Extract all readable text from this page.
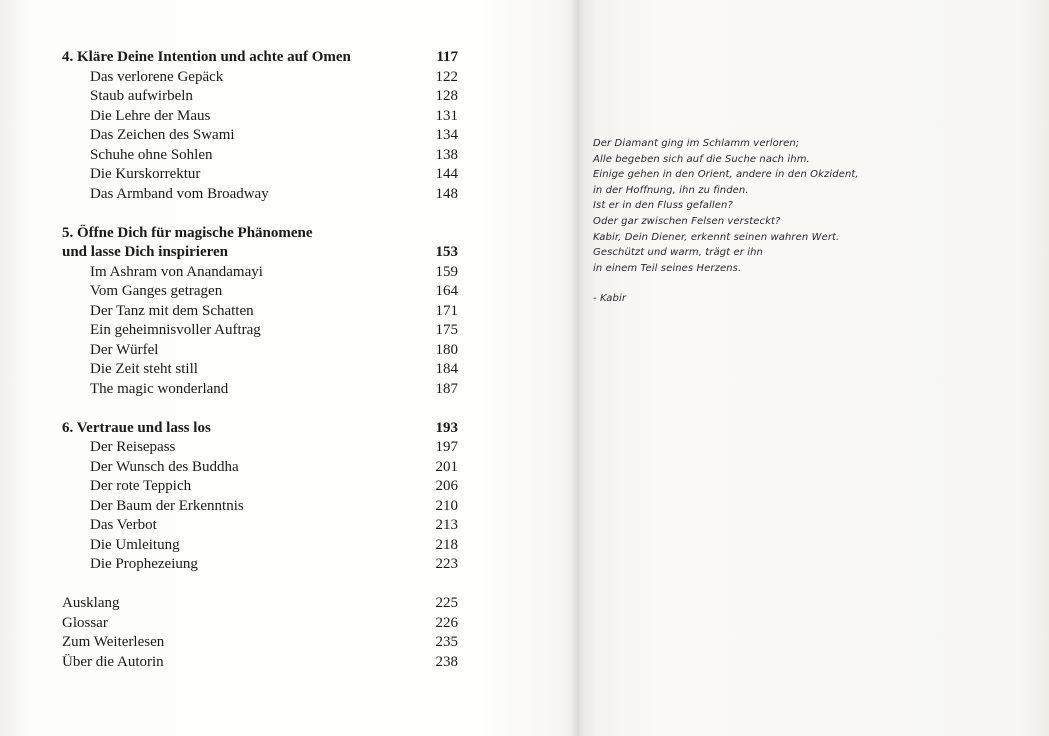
4. Kläre Deine Intention und achte auf Omen	117
Das verlorene Gepäck	122
Staub aufwirbeln	128
Die Lehre der Maus	131
Das Zeichen des Swami	134
Schuhe ohne Sohlen	138
Die Kurskorrektur	144
Das Armband vom Broadway	148
5. Öffne Dich für magische Phänomene
und lasse Dich inspirieren	153
Im Ashram von Anandamayi	159
Vom Ganges getragen	164
Der Tanz mit dem Schatten	171
Ein geheimnisvoller Auftrag	175
Der Würfel	180
Die Zeit steht still	184
The magic wonderland	187
6. Vertraue und lass los	193
Der Reisepass	197
Der Wunsch des Buddha	201
Der rote Teppich	206
Der Baum der Erkenntnis	210
Das Verbot	213
Die Umleitung	218
Die Prophezeiung	223
Ausklang	225
Glossar	226
Zum Weiterlesen	235
Über die Autorin	238
Der Diamant ging im Schlamm verloren;
Alle begeben sich auf die Suche nach ihm.
Einige gehen in den Orient, andere in den Okzident,
in der Hoffnung, ihn zu finden.
Ist er in den Fluss gefallen?
Oder gar zwischen Felsen versteckt?
Kabir, Dein Diener, erkennt seinen wahren Wert.
Geschützt und warm, trägt er ihn
in einem Teil seines Herzens.
- Kabir
